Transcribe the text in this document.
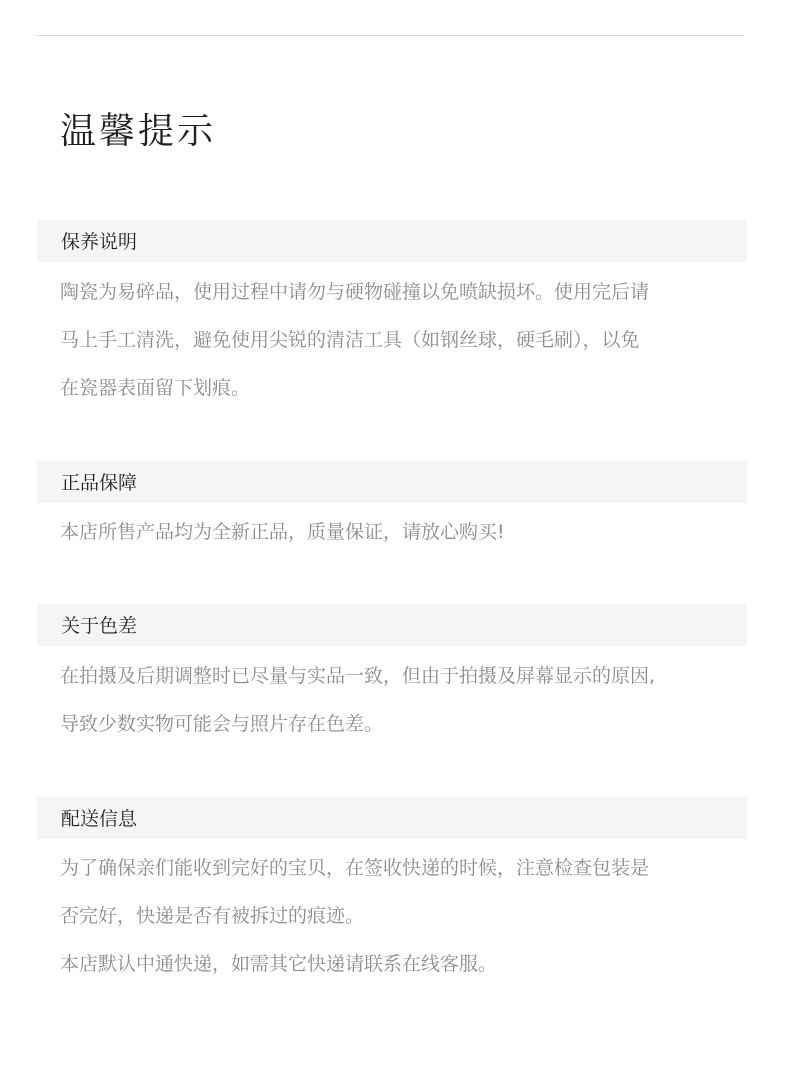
温馨提示
保养说明

陶瓷为易碎品，使用过程中请勿与硬物碰撞以免喷缺损坏。使用完后请

马上手工清洗，避免使用尖锐的清洁工具（如钢丝球，硬毛刷），以免

在瓷器表面留下划痕。

正品保障

本店所售产品均为全新正品，质量保证，请放心购买!

关于色差

在拍摄及后期调整时已尽量与实品一致，但由于拍摄及屏幕显示的原因,

导致少数实物可能会与照片存在色差。

配送信息

为了确保亲们能收到完好的宝贝，在签收快递的时候，注意检查包装是

否完好，快递是否有被拆过的痕迹。

本店默认中通快递，如需其它快递请联系在线客服。
